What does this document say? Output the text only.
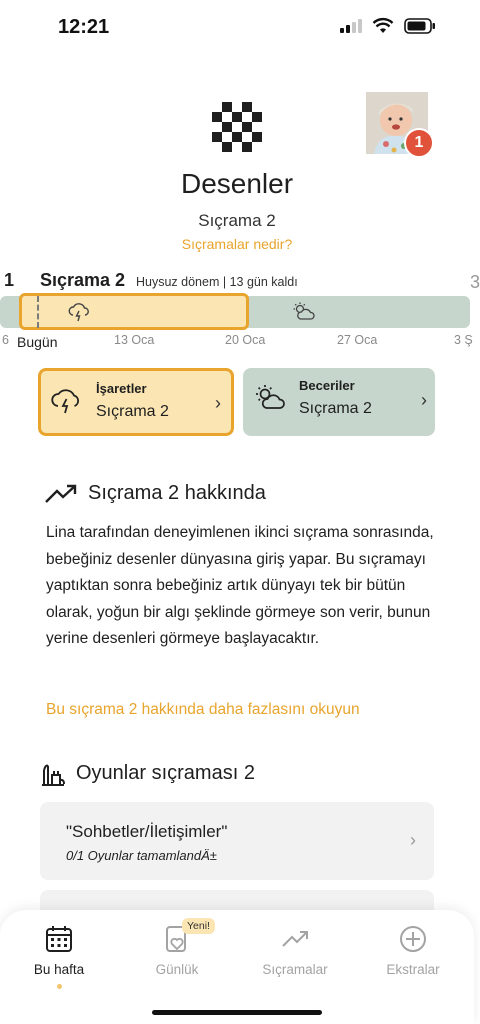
12:21
1
Desenler
Sıçrama 2
Sıçramalar nedir?
1 Sıçrama 2 Huysuz dönem | 13 gün kaldı	3
6	13 Oca	20 Oca	27 Oca	3 Ş
Bugün
İşaretler
Sıçrama 2	›
Beceriler
Sıçrama 2	›
Sıçrama 2 hakkında
Lina tarafından deneyimlenen ikinci sıçrama sonrasında, bebeğiniz desenler dünyasına giriş yapar. Bu sıçramayı yaptıktan sonra bebeğiniz artık dünyayı tek bir bütün olarak, yoğun bir algı şeklinde görmeye son verir, bunun yerine desenleri görmeye başlayacaktır.
Bu sıçrama 2 hakkında daha fazlasını okuyun
Oyunlar sıçraması 2
"Sohbetler/İletişimler"
0/1 Oyunlar tamamlandÄ±
›
Bu hafta	Günlük
Yeni!
Sıçramalar	Ekstralar
